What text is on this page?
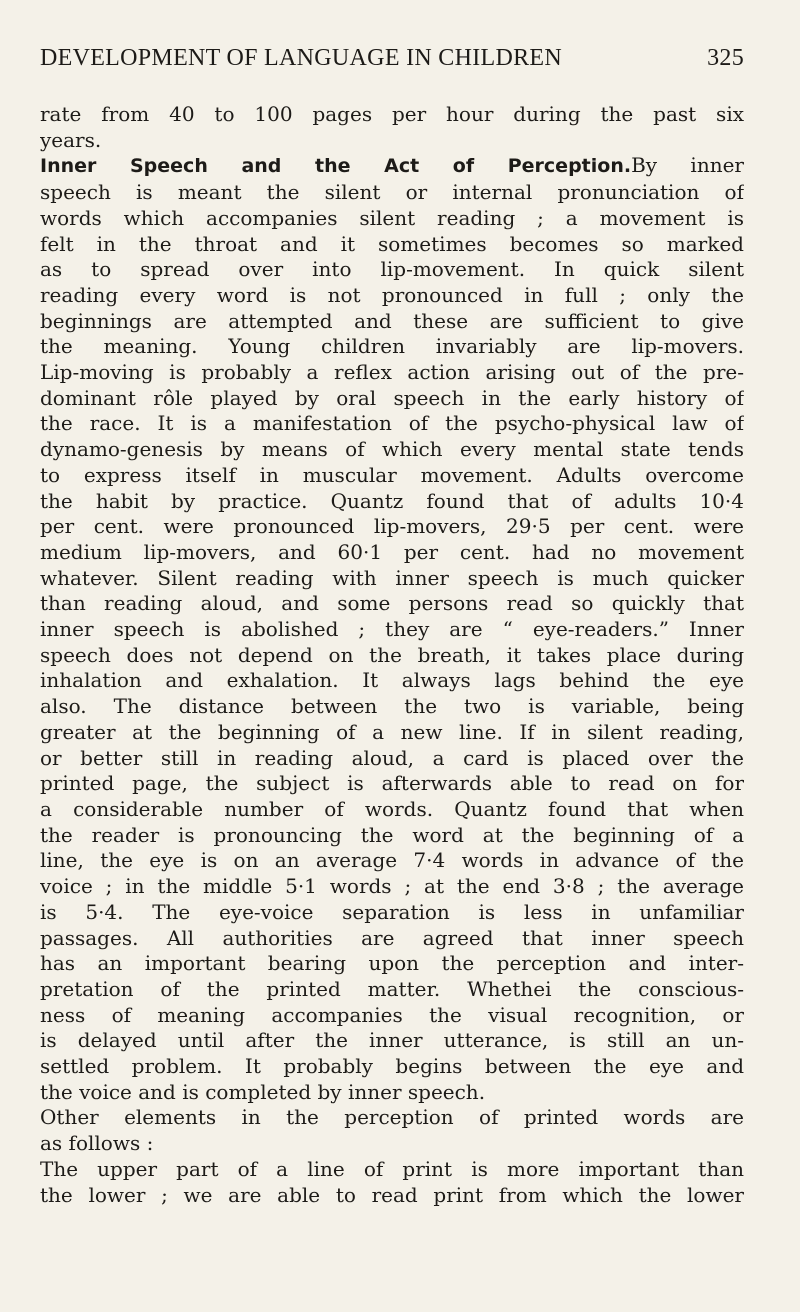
DEVELOPMENT OF LANGUAGE IN CHILDREN	325
rate from 40 to 100 pages per hour during the past six
years.
Inner Speech and the Act of Perception.By inner
speech is meant the silent or internal pronunciation of
words which accompanies silent reading ; a movement is
felt in the throat and it sometimes becomes so marked
as to spread over into lip-movement. In quick silent
reading every word is not pronounced in full ; only the
beginnings are attempted and these are sufficient to give
the meaning. Young children invariably are lip-movers.
Lip-moving is probably a reflex action arising out of the pre-
dominant rôle played by oral speech in the early history of
the race. It is a manifestation of the psycho-physical law of
dynamo-genesis by means of which every mental state tends
to express itself in muscular movement. Adults overcome
the habit by practice. Quantz found that of adults 10·4
per cent. were pronounced lip-movers, 29·5 per cent. were
medium lip-movers, and 60·1 per cent. had no movement
whatever. Silent reading with inner speech is much quicker
than reading aloud, and some persons read so quickly that
inner speech is abolished ; they are “ eye-readers.” Inner
speech does not depend on the breath, it takes place during
inhalation and exhalation. It always lags behind the eye
also. The distance between the two is variable, being
greater at the beginning of a new line. If in silent reading,
or better still in reading aloud, a card is placed over the
printed page, the subject is afterwards able to read on for
a considerable number of words. Quantz found that when
the reader is pronouncing the word at the beginning of a
line, the eye is on an average 7·4 words in advance of the
voice ; in the middle 5·1 words ; at the end 3·8 ; the average
is 5·4. The eye-voice separation is less in unfamiliar
passages. All authorities are agreed that inner speech
has an important bearing upon the perception and inter-
pretation of the printed matter. Whethei the conscious-
ness of meaning accompanies the visual recognition, or
is delayed until after the inner utterance, is still an un-
settled problem. It probably begins between the eye and
the voice and is completed by inner speech.
Other elements in the perception of printed words are
as follows :
The upper part of a line of print is more important than
the lower ; we are able to read print from which the lower
